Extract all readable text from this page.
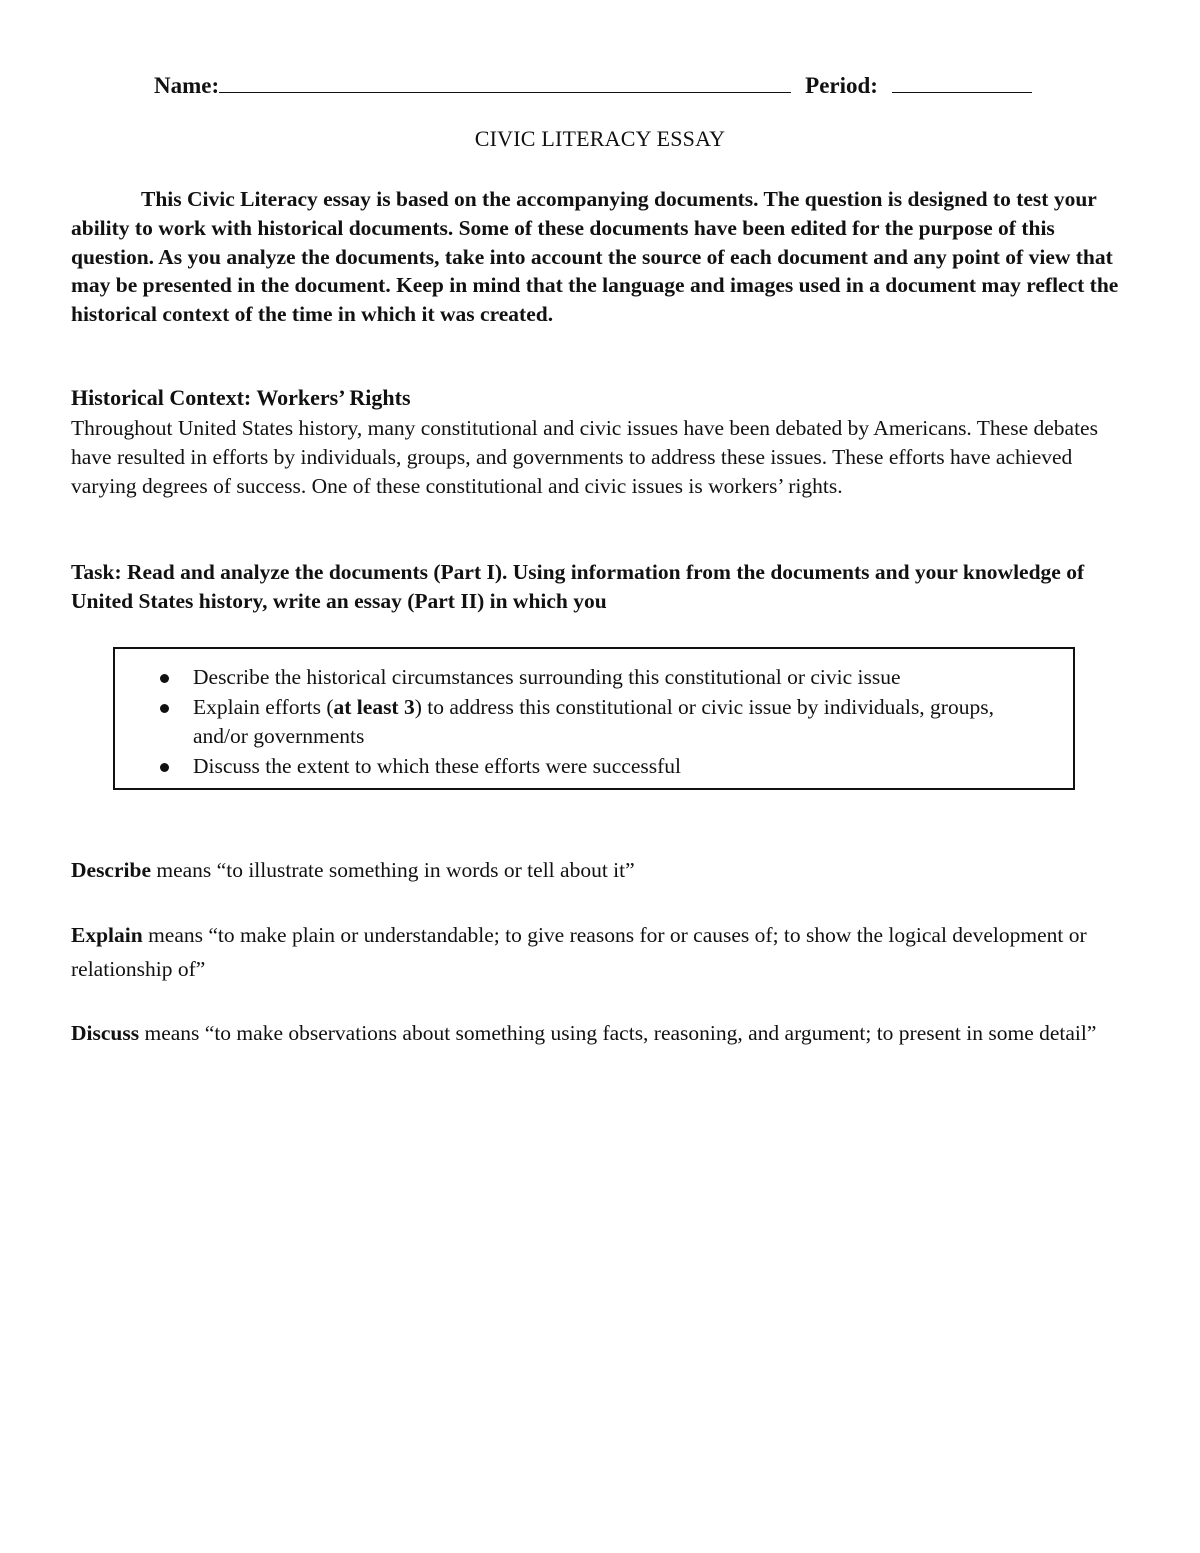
Name:	Period:
CIVIC LITERACY ESSAY

This Civic Literacy essay is based on the accompanying documents. The question is designed to test your ability to work with historical documents. Some of these documents have been edited for the purpose of this question. As you analyze the documents, take into account the source of each document and any point of view that may be presented in the document. Keep in mind that the language and images used in a document may reflect the historical context of the time in which it was created.

Historical Context: Workers’ Rights

Throughout United States history, many constitutional and civic issues have been debated by Americans. These debates have resulted in efforts by individuals, groups, and governments to address these issues. These efforts have achieved varying degrees of success. One of these constitutional and civic issues is workers’ rights.

Task: Read and analyze the documents (Part I). Using information from the documents and your knowledge of United States history, write an essay (Part II) in which you

Describe the historical circumstances surrounding this constitutional or civic issue
Explain efforts (at least 3) to address this constitutional or civic issue by individuals, groups, and/or governments
Discuss the extent to which these efforts were successful

Describe means “to illustrate something in words or tell about it”

Explain means “to make plain or understandable; to give reasons for or causes of; to show the logical development or relationship of”

Discuss means “to make observations about something using facts, reasoning, and argument; to present in some detail”
